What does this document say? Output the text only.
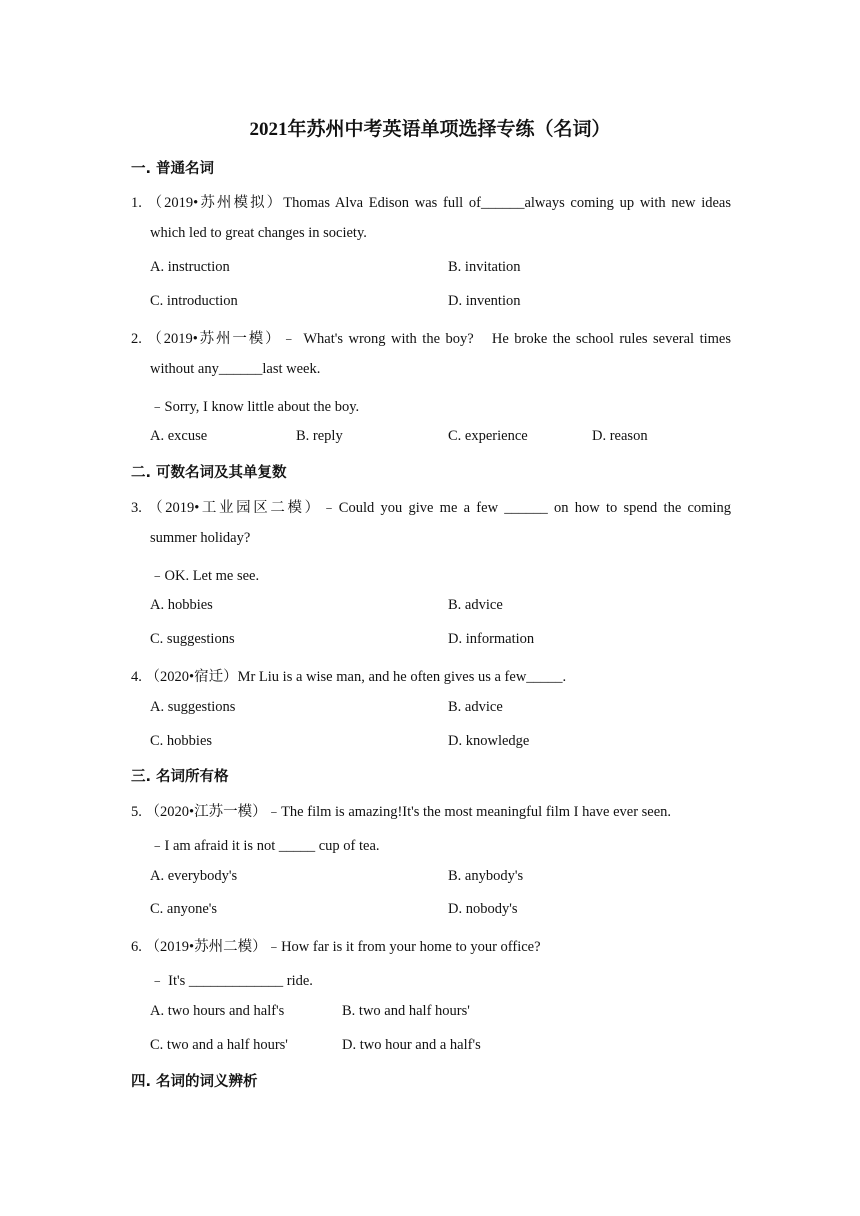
2021年苏州中考英语单项选择专练（名词）
一. 普通名词
1. （2019•苏州模拟）Thomas Alva Edison was full of______always coming up with new ideas
which led to great changes in society.
A. instruction	B. invitation
C. introduction	D. invention
2. （2019•苏州一模）﹣ What's wrong with the boy?　He broke the school rules several times
without any______last week.
﹣Sorry, I know little about the boy.
A. excuse	B. reply	C. experience	D. reason
二. 可数名词及其单复数
3. （2019•工业园区二模）﹣Could you give me a few ______ on how to spend the coming
summer holiday?
﹣OK. Let me see.
A. hobbies	B. advice
C. suggestions	D. information
4. （2020•宿迁）Mr Liu is a wise man, and he often gives us a few_____.
A. suggestions	B. advice
C. hobbies	D. knowledge
三. 名词所有格
5. （2020•江苏一模）﹣The film is amazing!It's the most meaningful film I have ever seen.
﹣I am afraid it is not _____ cup of tea.
A. everybody's	B. anybody's
C. anyone's	D. nobody's
6. （2019•苏州二模）﹣How far is it from your home to your office?
﹣ It's _____________ ride.
A. two hours and half's	B. two and half hours'
C. two and a half hours'	D. two hour and a half's
四. 名词的词义辨析
